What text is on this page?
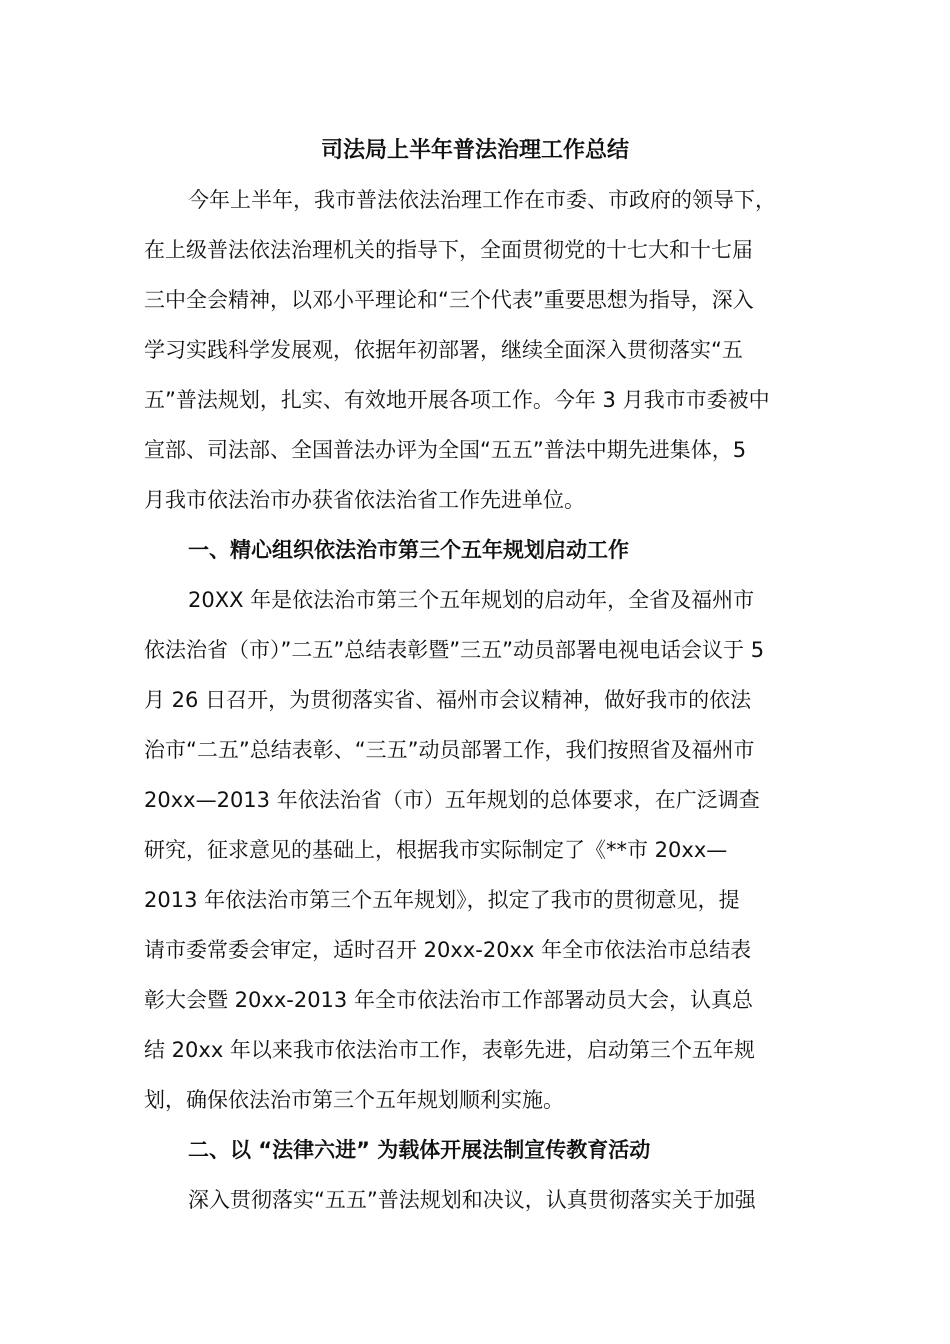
司法局上半年普法治理工作总结

今年上半年，我市普法依法治理工作在市委、市政府的领导下，

在上级普法依法治理机关的指导下，全面贯彻党的十七大和十七届

三中全会精神，以邓小平理论和“三个代表”重要思想为指导，深入

学习实践科学发展观，依据年初部署，继续全面深入贯彻落实“五

五”普法规划，扎实、有效地开展各项工作。今年 3 月我市市委被中

宣部、司法部、全国普法办评为全国“五五”普法中期先进集体，5

月我市依法治市办获省依法治省工作先进单位。

一、精心组织依法治市第三个五年规划启动工作

20XX 年是依法治市第三个五年规划的启动年，全省及福州市

依法治省（市）”二五”总结表彰暨”三五”动员部署电视电话会议于 5

月 26 日召开，为贯彻落实省、福州市会议精神，做好我市的依法

治市“二五”总结表彰、“三五”动员部署工作，我们按照省及福州市

20xx—2013 年依法治省（市）五年规划的总体要求，在广泛调查

研究，征求意见的基础上，根据我市实际制定了《**市 20xx—

2013 年依法治市第三个五年规划》，拟定了我市的贯彻意见，提

请市委常委会审定，适时召开 20xx-20xx 年全市依法治市总结表

彰大会暨 20xx-2013 年全市依法治市工作部署动员大会，认真总

结 20xx 年以来我市依法治市工作，表彰先进，启动第三个五年规

划，确保依法治市第三个五年规划顺利实施。

二、以 “法律六进” 为载体开展法制宣传教育活动

深入贯彻落实“五五”普法规划和决议，认真贯彻落实关于加强
